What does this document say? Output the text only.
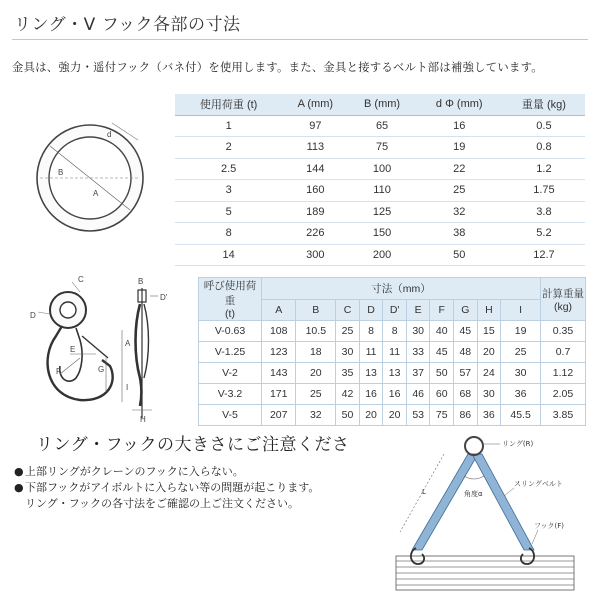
リング・V フック各部の寸法
金具は、強力・遥付フック（バネ付）を使用します。また、金具と接するベルト部は補強しています。
d
B
A
使用荷重 (t)	A (mm)	B (mm)	d Φ (mm)	重量 (kg)
1	97	65	16	0.5
2	113	75	19	0.8
2.5	144	100	22	1.2
3	160	110	25	1.75
5	189	125	32	3.8
8	226	150	38	5.2
14	300	200	50	12.7
C
D
E
F	G
A
B
D'
I
H
呼び使用荷重
(t)	寸法（mm）										計算重量
(kg)
	A	B	C	D	D'	E	F	G	H	I	
V-0.63	108	10.5	25	8	8	30	40	45	15	19	0.35
V-1.25	123	18	30	11	11	33	45	48	20	25	0.7
V-2	143	20	35	13	13	37	50	57	24	30	1.12
V-3.2	171	25	42	16	16	46	60	68	30	36	2.05
V-5	207	32	50	20	20	53	75	86	36	45.5	3.85
リング・フックの大きさにご注意くださ
●上部リングがクレーンのフックに入らない。
●下部フックがアイボルトに入らない等の問題が起こります。
リング・フックの各寸法をご確認の上ご注文ください。
リング(R)
スリングベルト
角度α
L
フック(F)
